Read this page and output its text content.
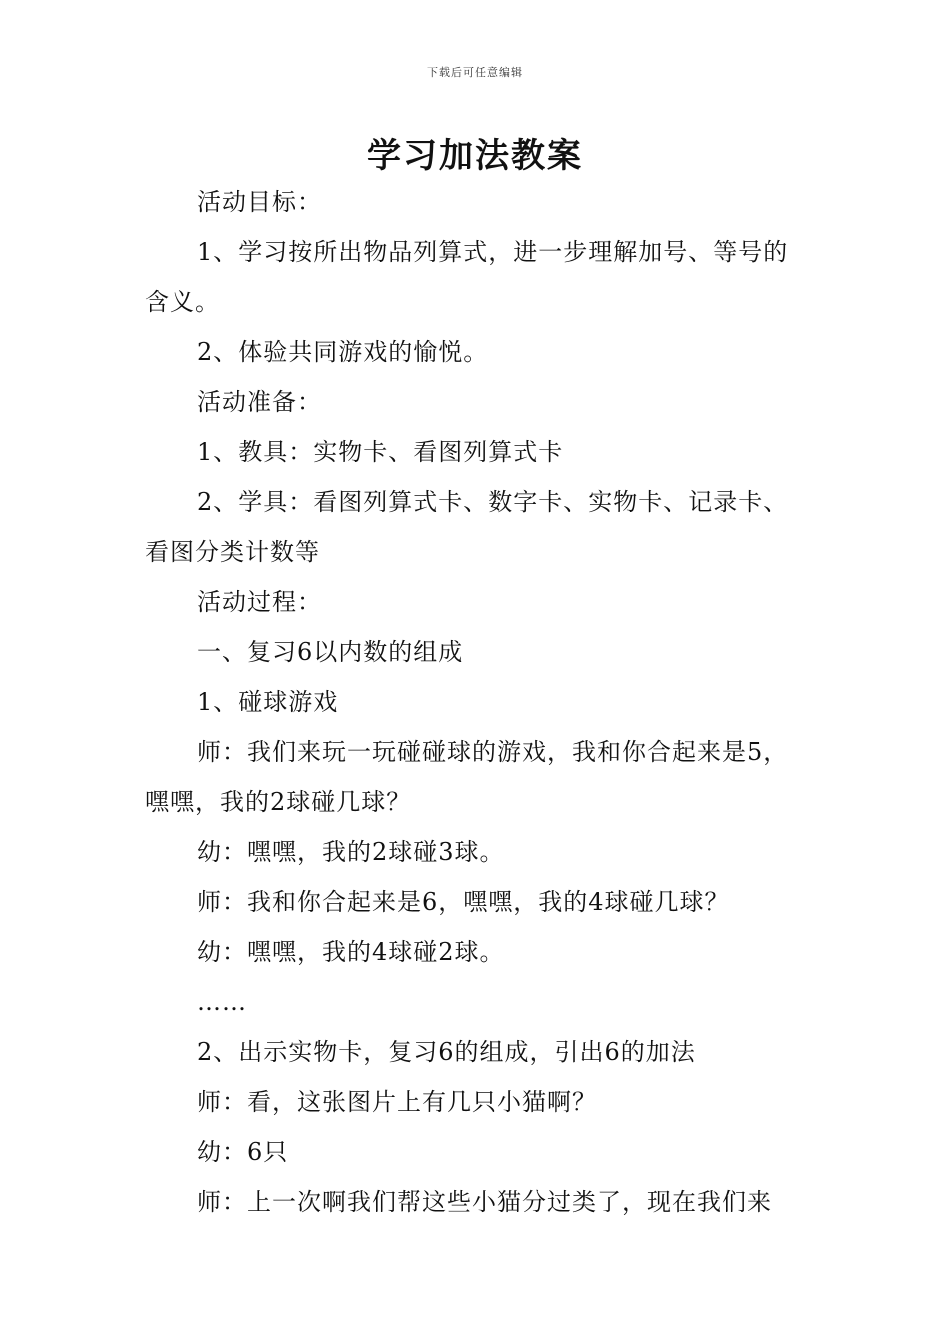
下载后可任意编辑
学习加法教案

活动目标：

1、学习按所出物品列算式，进一步理解加号、等号的含义。

2、体验共同游戏的愉悦。

活动准备：

1、教具：实物卡、看图列算式卡

2、学具：看图列算式卡、数字卡、实物卡、记录卡、看图分类计数等

活动过程：

一、复习6以内数的组成

1、碰球游戏

师：我们来玩一玩碰碰球的游戏，我和你合起来是5，嘿嘿，我的2球碰几球？

幼：嘿嘿，我的2球碰3球。

师：我和你合起来是6，嘿嘿，我的4球碰几球？

幼：嘿嘿，我的4球碰2球。

……

2、出示实物卡，复习6的组成，引出6的加法

师：看，这张图片上有几只小猫啊？

幼：6只

师：上一次啊我们帮这些小猫分过类了，现在我们来
